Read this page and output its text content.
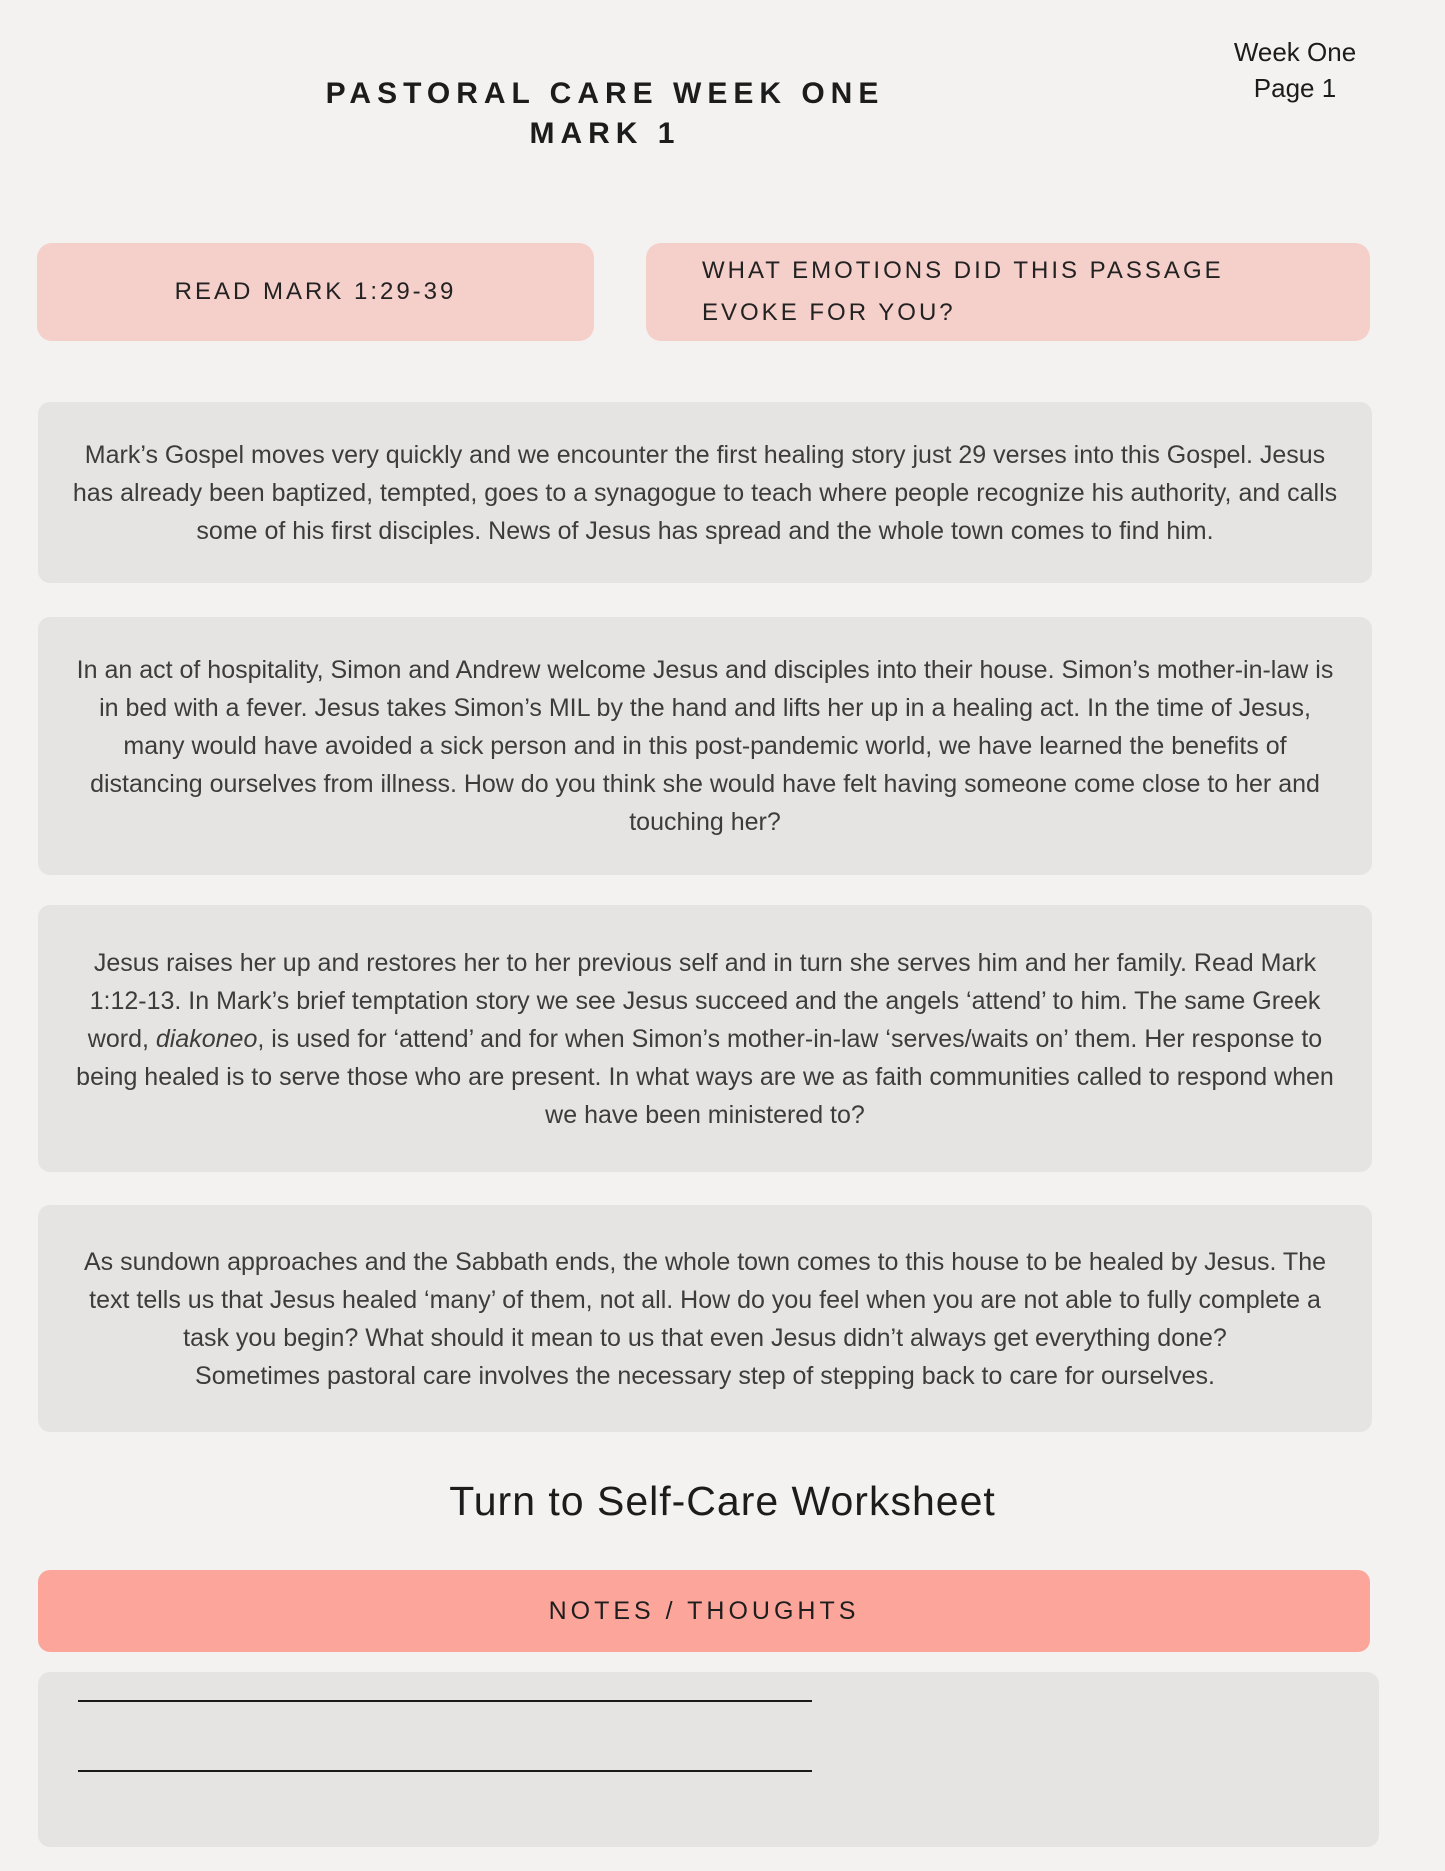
Week One
Page 1
PASTORAL CARE WEEK ONE
MARK 1
READ MARK 1:29-39
WHAT EMOTIONS DID THIS PASSAGE EVOKE FOR YOU?

Mark’s Gospel moves very quickly and we encounter the first healing story just 29 verses into this Gospel. Jesus has already been baptized, tempted, goes to a synagogue to teach where people recognize his authority, and calls some of his first disciples. News of Jesus has spread and the whole town comes to find him.

In an act of hospitality, Simon and Andrew welcome Jesus and disciples into their house. Simon’s mother-in-law is in bed with a fever. Jesus takes Simon’s MIL by the hand and lifts her up in a healing act. In the time of Jesus, many would have avoided a sick person and in this post-pandemic world, we have learned the benefits of distancing ourselves from illness. How do you think she would have felt having someone come close to her and touching her?

Jesus raises her up and restores her to her previous self and in turn she serves him and her family. Read Mark 1:12-13. In Mark’s brief temptation story we see Jesus succeed and the angels ‘attend’ to him. The same Greek word, diakoneo, is used for ‘attend’ and for when Simon’s mother-in-law ‘serves/waits on’ them. Her response to being healed is to serve those who are present. In what ways are we as faith communities called to respond when we have been ministered to?

As sundown approaches and the Sabbath ends, the whole town comes to this house to be healed by Jesus. The text tells us that Jesus healed ‘many’ of them, not all. How do you feel when you are not able to fully complete a task you begin? What should it mean to us that even Jesus didn’t always get everything done?

Sometimes pastoral care involves the necessary step of stepping back to care for ourselves.

Turn to Self-Care Worksheet
NOTES / THOUGHTS
